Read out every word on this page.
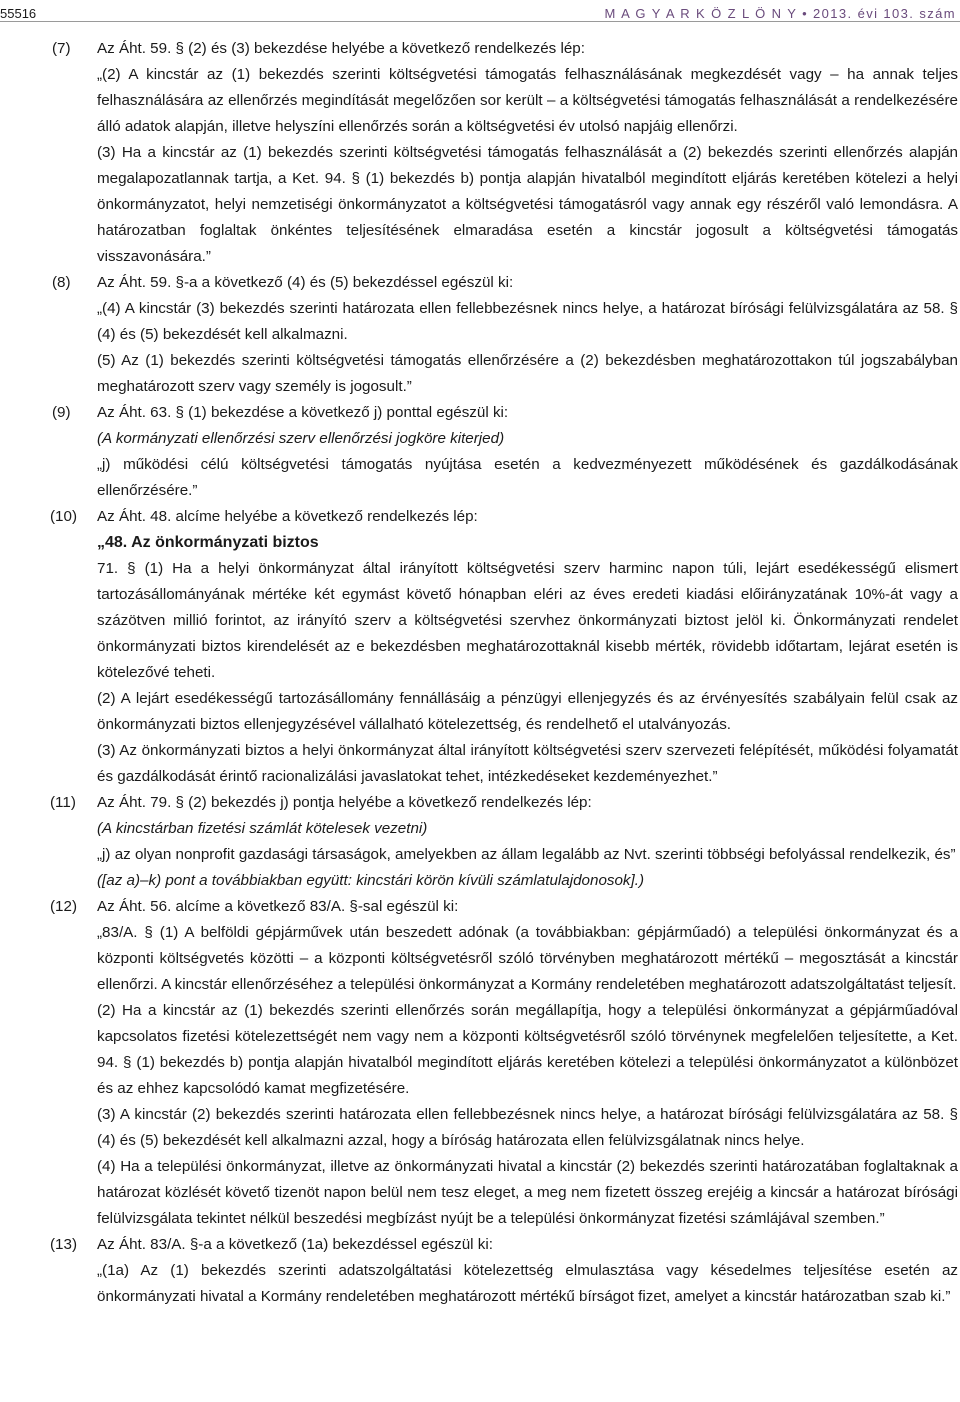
55516	M A G Y A R K Ö Z L Ö N Y • 2013. évi 103. szám
(7)	Az Áht. 59. § (2) és (3) bekezdése helyébe a következő rendelkezés lép:
„(2) A kincstár az (1) bekezdés szerinti költségvetési támogatás felhasználásának megkezdését vagy – ha annak teljes felhasználására az ellenőrzés megindítását megelőzően sor került – a költségvetési támogatás felhasználását a rendelkezésére álló adatok alapján, illetve helyszíni ellenőrzés során a költségvetési év utolsó napjáig ellenőrzi.
(3) Ha a kincstár az (1) bekezdés szerinti költségvetési támogatás felhasználását a (2) bekezdés szerinti ellenőrzés alapján megalapozatlannak tartja, a Ket. 94. § (1) bekezdés b) pontja alapján hivatalból megindított eljárás keretében kötelezi a helyi önkormányzatot, helyi nemzetiségi önkormányzatot a költségvetési támogatásról vagy annak egy részéről való lemondásra. A határozatban foglaltak önkéntes teljesítésének elmaradása esetén a kincstár jogosult a költségvetési támogatás visszavonására.”
(8)	Az Áht. 59. §-a a következő (4) és (5) bekezdéssel egészül ki:
„(4) A kincstár (3) bekezdés szerinti határozata ellen fellebbezésnek nincs helye, a határozat bírósági felülvizsgálatára az 58. § (4) és (5) bekezdését kell alkalmazni.
(5) Az (1) bekezdés szerinti költségvetési támogatás ellenőrzésére a (2) bekezdésben meghatározottakon túl jogszabályban meghatározott szerv vagy személy is jogosult.”
(9)	Az Áht. 63. § (1) bekezdése a következő j) ponttal egészül ki:
(A kormányzati ellenőrzési szerv ellenőrzési jogköre kiterjed)
„j) működési célú költségvetési támogatás nyújtása esetén a kedvezményezett működésének és gazdálkodásának ellenőrzésére.”
(10)	Az Áht. 48. alcíme helyébe a következő rendelkezés lép:
„48. Az önkormányzati biztos
71. § (1) Ha a helyi önkormányzat által irányított költségvetési szerv harminc napon túli, lejárt esedékességű elismert tartozásállományának mértéke két egymást követő hónapban eléri az éves eredeti kiadási előirányzatának 10%-át vagy a százötven millió forintot, az irányító szerv a költségvetési szervhez önkormányzati biztost jelöl ki. Önkormányzati rendelet önkormányzati biztos kirendelését az e bekezdésben meghatározottaknál kisebb mérték, rövidebb időtartam, lejárat esetén is kötelezővé teheti.
(2) A lejárt esedékességű tartozásállomány fennállásáig a pénzügyi ellenjegyzés és az érvényesítés szabályain felül csak az önkormányzati biztos ellenjegyzésével vállalható kötelezettség, és rendelhető el utalványozás.
(3) Az önkormányzati biztos a helyi önkormányzat által irányított költségvetési szerv szervezeti felépítését, működési folyamatát és gazdálkodását érintő racionalizálási javaslatokat tehet, intézkedéseket kezdeményezhet.”
(11)	Az Áht. 79. § (2) bekezdés j) pontja helyébe a következő rendelkezés lép:
(A kincstárban fizetési számlát kötelesek vezetni)
„j) az olyan nonprofit gazdasági társaságok, amelyekben az állam legalább az Nvt. szerinti többségi befolyással rendelkezik, és”
([az a)–k) pont a továbbiakban együtt: kincstári körön kívüli számlatulajdonosok].)
(12)	Az Áht. 56. alcíme a következő 83/A. §-sal egészül ki:
„83/A. § (1) A belföldi gépjárművek után beszedett adónak (a továbbiakban: gépjárműadó) a települési önkormányzat és a központi költségvetés közötti – a központi költségvetésről szóló törvényben meghatározott mértékű – megosztását a kincstár ellenőrzi. A kincstár ellenőrzéséhez a települési önkormányzat a Kormány rendeletében meghatározott adatszolgáltatást teljesít.
(2) Ha a kincstár az (1) bekezdés szerinti ellenőrzés során megállapítja, hogy a települési önkormányzat a gépjárműadóval kapcsolatos fizetési kötelezettségét nem vagy nem a központi költségvetésről szóló törvénynek megfelelően teljesítette, a Ket. 94. § (1) bekezdés b) pontja alapján hivatalból megindított eljárás keretében kötelezi a települési önkormányzatot a különbözet és az ehhez kapcsolódó kamat megfizetésére.
(3) A kincstár (2) bekezdés szerinti határozata ellen fellebbezésnek nincs helye, a határozat bírósági felülvizsgálatára az 58. § (4) és (5) bekezdését kell alkalmazni azzal, hogy a bíróság határozata ellen felülvizsgálatnak nincs helye.
(4) Ha a települési önkormányzat, illetve az önkormányzati hivatal a kincstár (2) bekezdés szerinti határozatában foglaltaknak a határozat közlését követő tizenöt napon belül nem tesz eleget, a meg nem fizetett összeg erejéig a kincsár a határozat bírósági felülvizsgálata tekintet nélkül beszedési megbízást nyújt be a települési önkormányzat fizetési számlájával szemben.”
(13)	Az Áht. 83/A. §-a a következő (1a) bekezdéssel egészül ki:
„(1a) Az (1) bekezdés szerinti adatszolgáltatási kötelezettség elmulasztása vagy késedelmes teljesítése esetén az önkormányzati hivatal a Kormány rendeletében meghatározott mértékű bírságot fizet, amelyet a kincstár határozatban szab ki.”
